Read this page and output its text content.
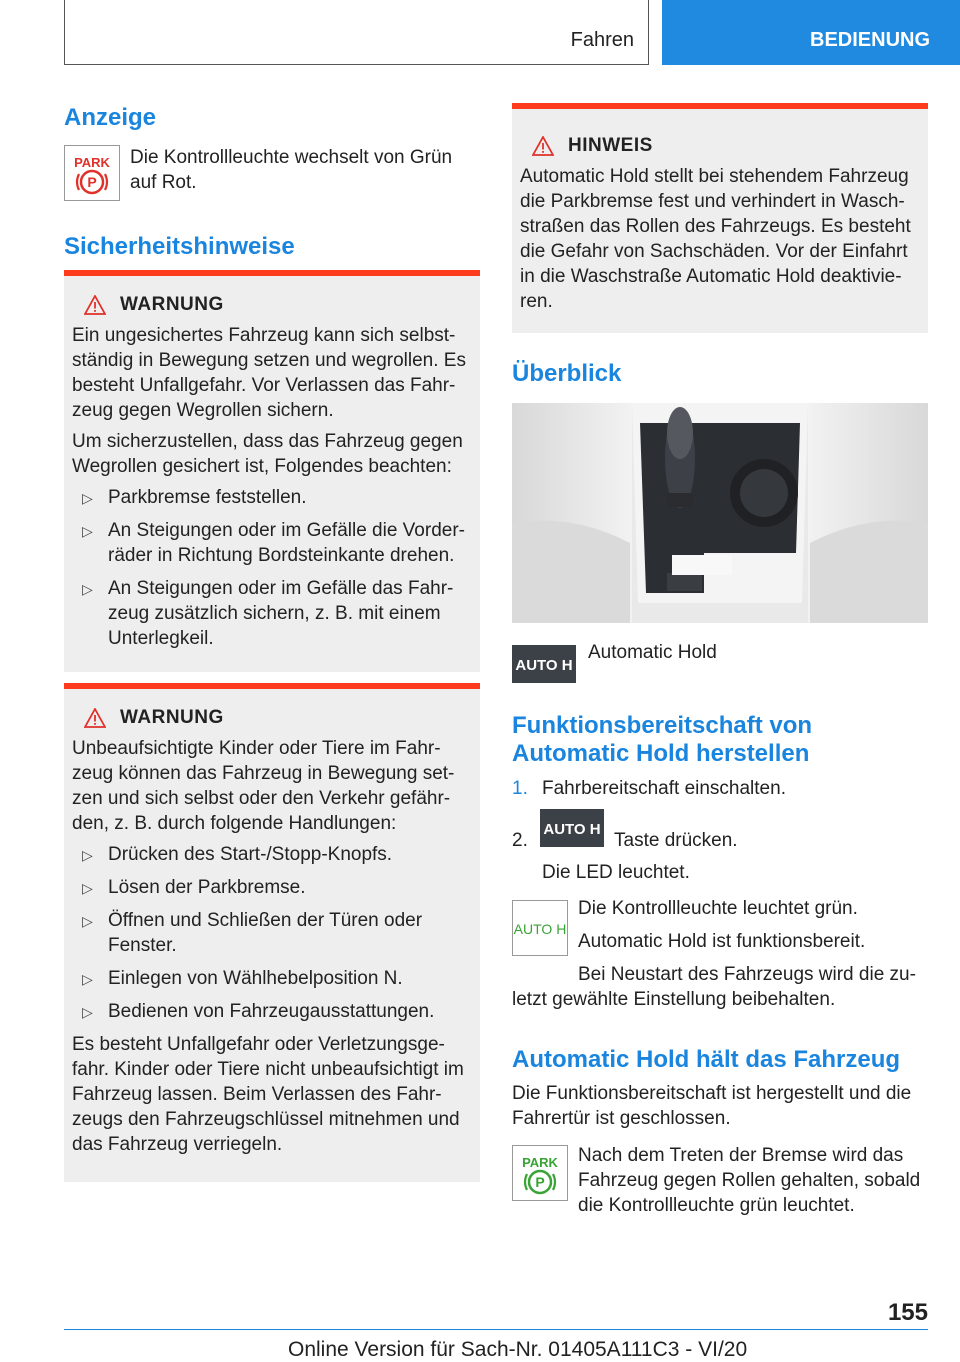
Fahren	BEDIENUNG
Anzeige
PARK
P
Die Kontrollleuchte wechselt von Grün auf Rot.
Sicherheitshinweise
WARNUNG

Ein ungesichertes Fahrzeug kann sich selbst-ständig in Bewegung setzen und wegrollen. Es besteht Unfallgefahr. Vor Verlassen das Fahr-zeug gegen Wegrollen sichern.

Um sicherzustellen, dass das Fahrzeug gegen Wegrollen gesichert ist, Folgendes beachten:

▷ Parkbremse feststellen.
▷ An Steigungen oder im Gefälle die Vorder-räder in Richtung Bordsteinkante drehen.
▷ An Steigungen oder im Gefälle das Fahr-zeug zusätzlich sichern, z. B. mit einem Unterlegkeil.
WARNUNG

Unbeaufsichtigte Kinder oder Tiere im Fahr-zeug können das Fahrzeug in Bewegung set-zen und sich selbst oder den Verkehr gefähr-den, z. B. durch folgende Handlungen:

▷ Drücken des Start-/Stopp-Knopfs.
▷ Lösen der Parkbremse.
▷ Öffnen und Schließen der Türen oder Fenster.
▷ Einlegen von Wählhebelposition N.
▷ Bedienen von Fahrzeugausstattungen.

Es besteht Unfallgefahr oder Verletzungsge-fahr. Kinder oder Tiere nicht unbeaufsichtigt im Fahrzeug lassen. Beim Verlassen des Fahr-zeugs den Fahrzeugschlüssel mitnehmen und das Fahrzeug verriegeln.

HINWEIS

Automatic Hold stellt bei stehendem Fahrzeug die Parkbremse fest und verhindert in Wasch-straßen das Rollen des Fahrzeugs. Es besteht die Gefahr von Sachschäden. Vor der Einfahrt in die Waschstraße Automatic Hold deaktivie-ren.

Überblick
AUTO H
Automatic Hold
Funktionsbereitschaft von Automatic Hold herstellen
1. Fahrbereitschaft einschalten.
2.
AUTO H
Taste drücken.
Die LED leuchtet.
AUTO H
Die Kontrollleuchte leuchtet grün.
Automatic Hold ist funktionsbereit.
Bei Neustart des Fahrzeugs wird die zu-letzt gewählte Einstellung beibehalten.
Automatic Hold hält das Fahrzeug
Die Funktionsbereitschaft ist hergestellt und die Fahrertür ist geschlossen.
PARK
P
Nach dem Treten der Bremse wird das Fahrzeug gegen Rollen gehalten, sobald die Kontrollleuchte grün leuchtet.
155
Online Version für Sach-Nr. 01405A111C3 - VI/20
